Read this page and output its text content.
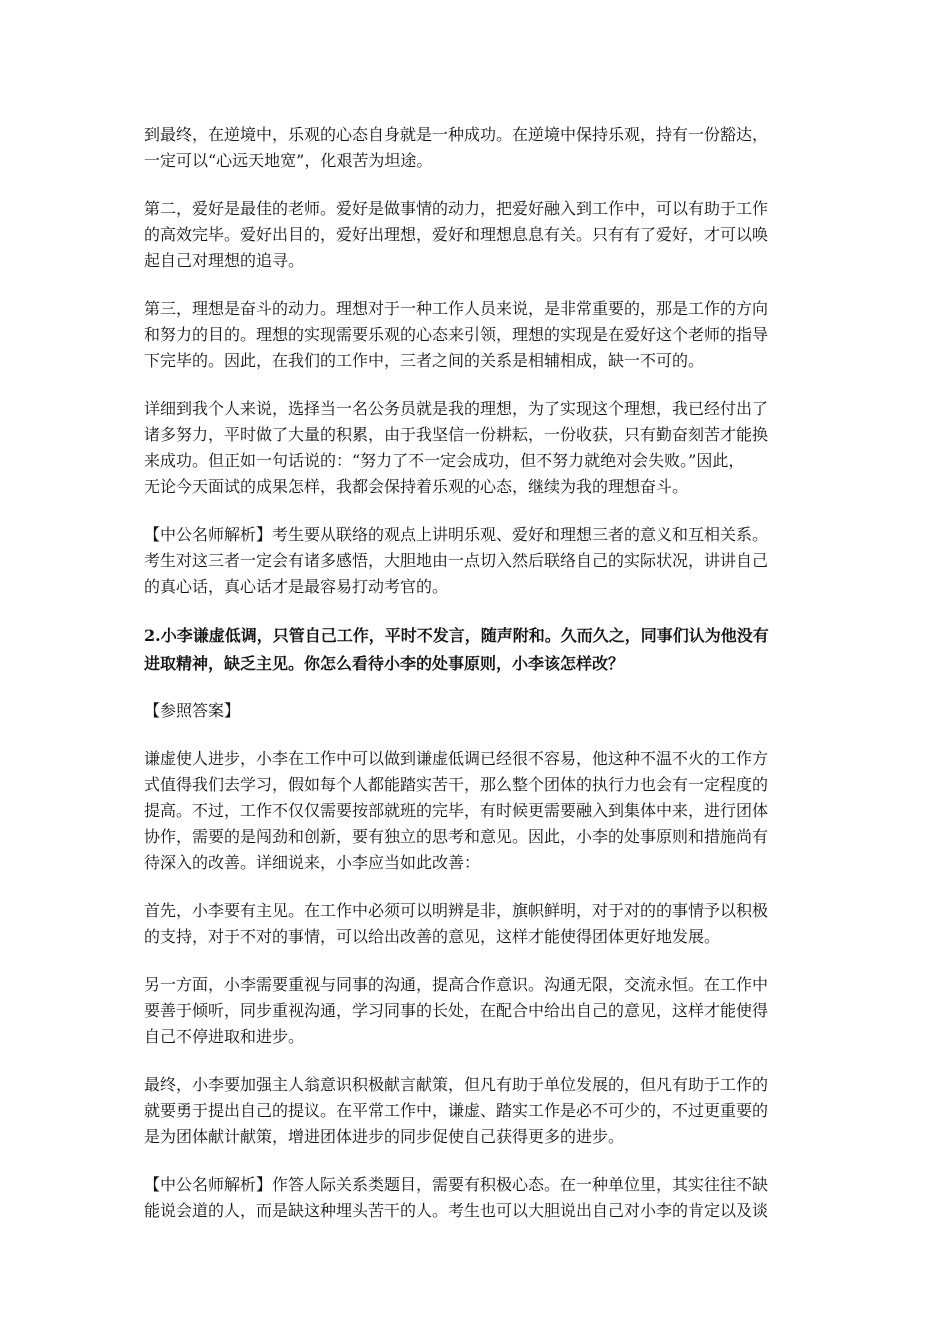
到最终，在逆境中，乐观的心态自身就是一种成功。在逆境中保持乐观，持有一份豁达，
一定可以“心远天地宽”，化艰苦为坦途。

第二，爱好是最佳的老师。爱好是做事情的动力，把爱好融入到工作中，可以有助于工作
的高效完毕。爱好出目的，爱好出理想，爱好和理想息息有关。只有有了爱好，才可以唤
起自己对理想的追寻。

第三，理想是奋斗的动力。理想对于一种工作人员来说，是非常重要的，那是工作的方向
和努力的目的。理想的实现需要乐观的心态来引领，理想的实现是在爱好这个老师的指导
下完毕的。因此，在我们的工作中，三者之间的关系是相辅相成，缺一不可的。

详细到我个人来说，选择当一名公务员就是我的理想，为了实现这个理想，我已经付出了
诸多努力，平时做了大量的积累，由于我坚信一份耕耘，一份收获，只有勤奋刻苦才能换
来成功。但正如一句话说的：“努力了不一定会成功，但不努力就绝对会失败。”因此，
无论今天面试的成果怎样，我都会保持着乐观的心态，继续为我的理想奋斗。

【中公名师解析】考生要从联络的观点上讲明乐观、爱好和理想三者的意义和互相关系。
考生对这三者一定会有诸多感悟，大胆地由一点切入然后联络自己的实际状况，讲讲自己
的真心话，真心话才是最容易打动考官的。

2.小李谦虚低调，只管自己工作，平时不发言，随声附和。久而久之，同事们认为他没有
进取精神，缺乏主见。你怎么看待小李的处事原则，小李该怎样改？

【参照答案】

谦虚使人进步，小李在工作中可以做到谦虚低调已经很不容易，他这种不温不火的工作方
式值得我们去学习，假如每个人都能踏实苦干，那么整个团体的执行力也会有一定程度的
提高。不过，工作不仅仅需要按部就班的完毕，有时候更需要融入到集体中来，进行团体
协作，需要的是闯劲和创新，要有独立的思考和意见。因此，小李的处事原则和措施尚有
待深入的改善。详细说来，小李应当如此改善：

首先，小李要有主见。在工作中必须可以明辨是非，旗帜鲜明，对于对的的事情予以积极
的支持，对于不对的事情，可以给出改善的意见，这样才能使得团体更好地发展。

另一方面，小李需要重视与同事的沟通，提高合作意识。沟通无限，交流永恒。在工作中
要善于倾听，同步重视沟通，学习同事的长处，在配合中给出自己的意见，这样才能使得
自己不停进取和进步。

最终，小李要加强主人翁意识积极献言献策，但凡有助于单位发展的，但凡有助于工作的
就要勇于提出自己的提议。在平常工作中，谦虚、踏实工作是必不可少的，不过更重要的
是为团体献计献策，增进团体进步的同步促使自己获得更多的进步。

【中公名师解析】作答人际关系类题目，需要有积极心态。在一种单位里，其实往往不缺
能说会道的人，而是缺这种埋头苦干的人。考生也可以大胆说出自己对小李的肯定以及谈
